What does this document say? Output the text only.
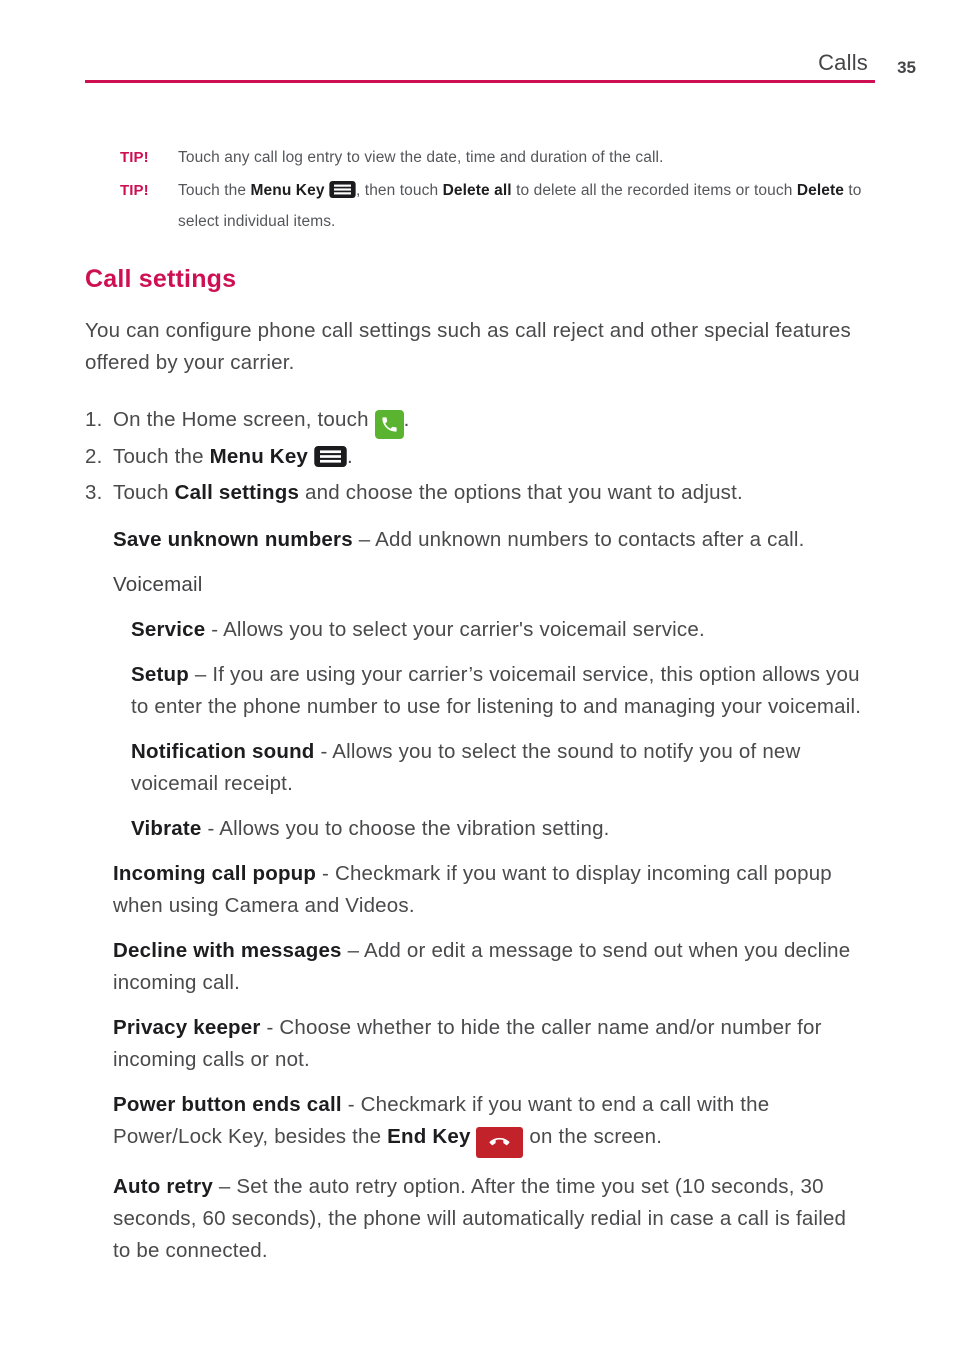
Calls 35
TIP!	Touch any call log entry to view the date, time and duration of the call.

TIP!	Touch the Menu Key , then touch Delete all to delete all the recorded items or touch Delete to select individual items.

Call settings

You can configure phone call settings such as call reject and other special features offered by your carrier.

1. On the Home screen, touch .

2. Touch the Menu Key .

3. Touch Call settings and choose the options that you want to adjust.

Save unknown numbers – Add unknown numbers to contacts after a call.

Voicemail

Service - Allows you to select your carrier's voicemail service.

Setup – If you are using your carrier’s voicemail service, this option allows you to enter the phone number to use for listening to and managing your voicemail.

Notification sound - Allows you to select the sound to notify you of new voicemail receipt.

Vibrate - Allows you to choose the vibration setting.

Incoming call popup - Checkmark if you want to display incoming call popup when using Camera and Videos.

Decline with messages – Add or edit a message to send out when you decline incoming call.

Privacy keeper - Choose whether to hide the caller name and/or number for incoming calls or not.

Power button ends call - Checkmark if you want to end a call with the Power/Lock Key, besides the End Key	on the screen.

Auto retry – Set the auto retry option. After the time you set (10 seconds, 30 seconds, 60 seconds), the phone will automatically redial in case a call is failed to be connected.
